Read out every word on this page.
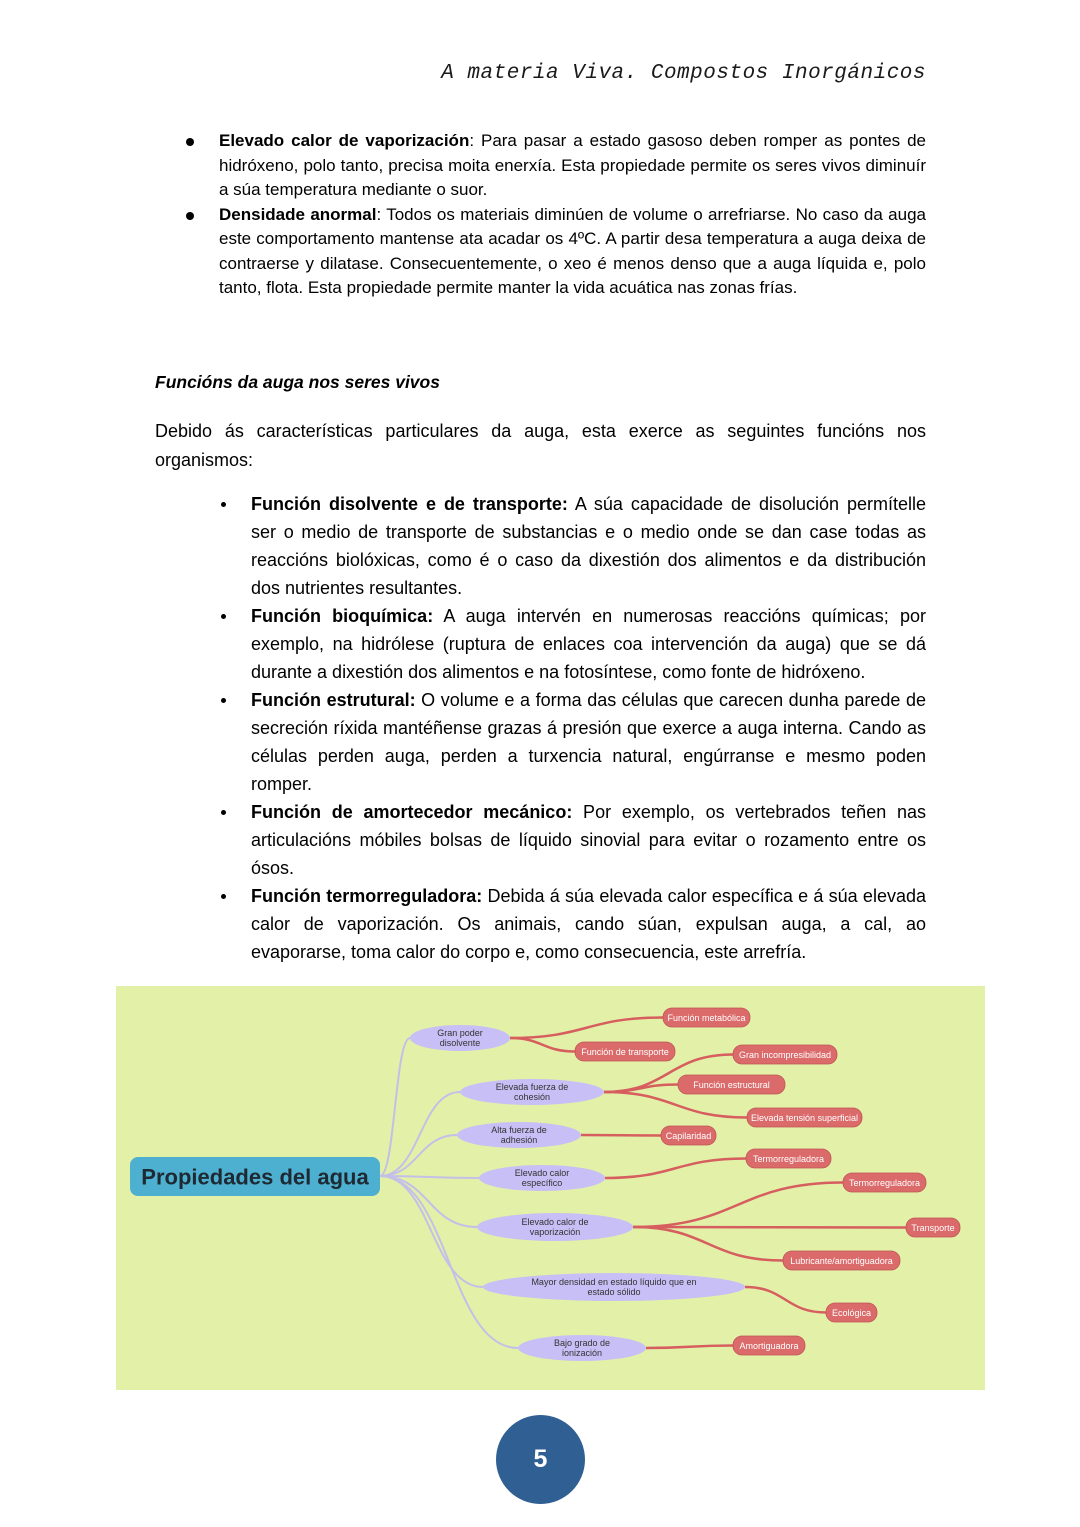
A materia Viva. Compostos Inorgánicos
Elevado calor de vaporización: Para pasar a estado gasoso deben romper as pontes de hidróxeno, polo tanto, precisa moita enerxía. Esta propiedade permite os seres vivos diminuír a súa temperatura mediante o suor.
Densidade anormal: Todos os materiais diminúen de volume o arrefriarse. No caso da auga este comportamento mantense ata acadar os 4ºC. A partir desa temperatura a auga deixa de contraerse y dilatase. Consecuentemente, o xeo é menos denso que a auga líquida e, polo tanto, flota. Esta propiedade permite manter la vida acuática nas zonas frías.
Funcións da auga nos seres vivos

Debido ás características particulares da auga, esta exerce as seguintes funcións nos organismos:

Función disolvente e de transporte: A súa capacidade de disolución permítelle ser o medio de transporte de substancias e o medio onde se dan case todas as reaccións biolóxicas, como é o caso da dixestión dos alimentos e da distribución dos nutrientes resultantes.
Función bioquímica: A auga intervén en numerosas reaccións químicas; por exemplo, na hidrólese (ruptura de enlaces coa intervención da auga) que se dá durante a dixestión dos alimentos e na fotosíntese, como fonte de hidróxeno.
Función estrutural: O volume e a forma das células que carecen dunha parede de secreción ríxida mantéñense grazas á presión que exerce a auga interna. Cando as células perden auga, perden a turxencia natural, engúrranse e mesmo poden romper.
Función de amortecedor mecánico: Por exemplo, os vertebrados teñen nas articulacións móbiles bolsas de líquido sinovial para evitar o rozamento entre os ósos.
Función termorreguladora: Debida á súa elevada calor específica e á súa elevada calor de vaporización. Os animais, cando súan, expulsan auga, a cal, ao evaporarse, toma calor do corpo e, como consecuencia, este arrefría.
Propiedades del agua
Gran poder disolvente
Función metabólica
Función de transporte
Elevada fuerza de cohesión
Gran incompresibilidad
Función estructural
Elevada tensión superficial
Alta fuerza de adhesión	Capilaridad
Elevado calor específico
Termorreguladora
Elevado calor de vaporización
Termorreguladora
Transporte
Lubricante/amortiguadora
Mayor densidad en estado líquido que en estado sólido
Ecológica
Bajo grado de ionización
Amortiguadora
5
